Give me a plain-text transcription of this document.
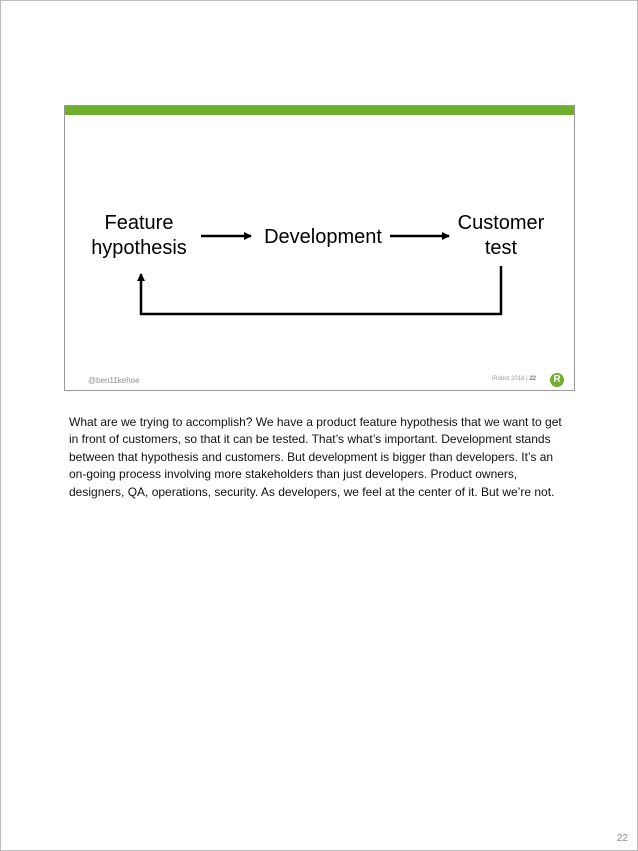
Feature
hypothesis	Development
Customer
test
@ben11kehoe	iRobot 2018 | 22	R

What are we trying to accomplish? We have a product feature hypothesis that we want to get in front of customers, so that it can be tested. That’s what’s important. Development stands between that hypothesis and customers. But development is bigger than developers. It’s an on-going process involving more stakeholders than just developers. Product owners, designers, QA, operations, security. As developers, we feel at the center of it. But we’re not.

22
